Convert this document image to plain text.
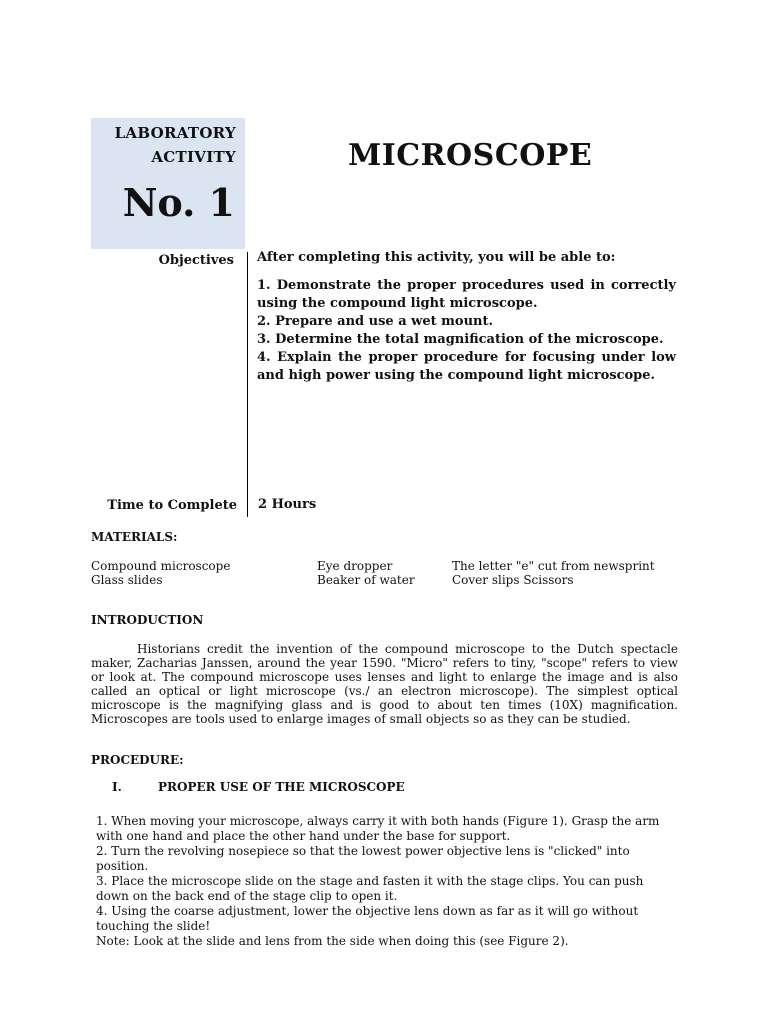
LABORATORY
ACTIVITY
No. 1
MICROSCOPE
Objectives After completing this activity, you will be able to:

1. Demonstrate the proper procedures used in correctly using the compound light microscope.

2. Prepare and use a wet mount.

3. Determine the total magnification of the microscope.

4. Explain the proper procedure for focusing under low and high power using the compound light microscope.

Time to Complete 2 Hours
MATERIALS:
Compound microscope
Glass slides
Eye dropper
Beaker of water
The letter "e" cut from newsprint
Cover slips Scissors
INTRODUCTION
Historians credit the invention of the compound microscope to the Dutch spectacle maker, Zacharias Janssen, around the year 1590. "Micro" refers to tiny, "scope" refers to view or look at. The compound microscope uses lenses and light to enlarge the image and is also called an optical or light microscope (vs./ an electron microscope). The simplest optical microscope is the magnifying glass and is good to about ten times (10X) magnification. Microscopes are tools used to enlarge images of small objects so as they can be studied.
PROCEDURE:
I.	PROPER USE OF THE MICROSCOPE

1. When moving your microscope, always carry it with both hands (Figure 1). Grasp the arm with one hand and place the other hand under the base for support.

2. Turn the revolving nosepiece so that the lowest power objective lens is "clicked" into position.

3. Place the microscope slide on the stage and fasten it with the stage clips. You can push down on the back end of the stage clip to open it.

4. Using the coarse adjustment, lower the objective lens down as far as it will go without touching the slide!

Note: Look at the slide and lens from the side when doing this (see Figure 2).
